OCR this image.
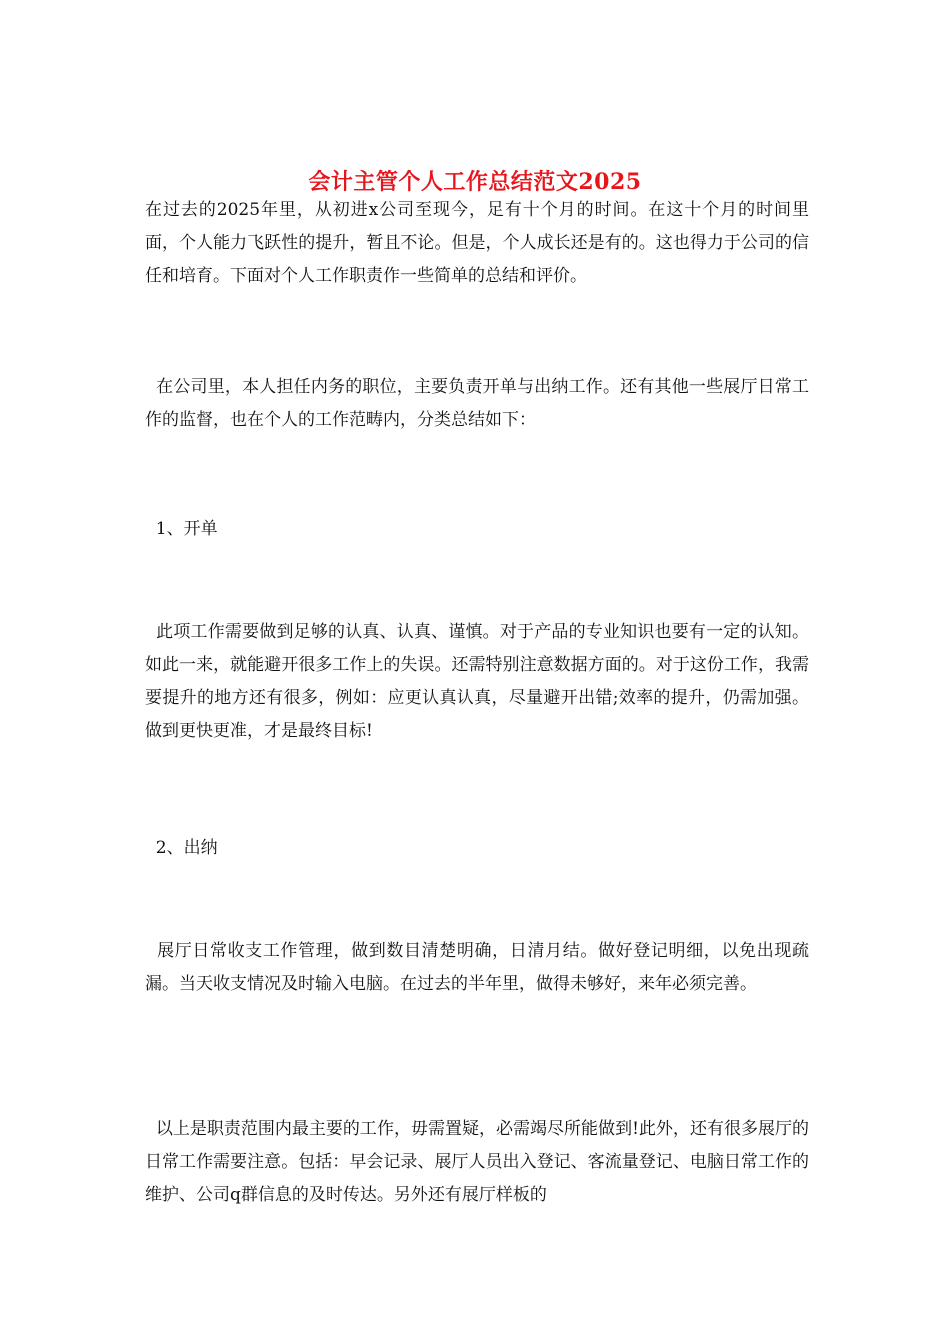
会计主管个人工作总结范文2025

在过去的2025年里，从初进x公司至现今，足有十个月的时间。在这十个月的时间里面，个人能力飞跃性的提升，暂且不论。但是，个人成长还是有的。这也得力于公司的信任和培育。下面对个人工作职责作一些简单的总结和评价。

在公司里，本人担任内务的职位，主要负责开单与出纳工作。还有其他一些展厅日常工作的监督，也在个人的工作范畴内，分类总结如下：

1、开单

此项工作需要做到足够的认真、认真、谨慎。对于产品的专业知识也要有一定的认知。如此一来，就能避开很多工作上的失误。还需特别注意数据方面的。对于这份工作，我需要提升的地方还有很多，例如：应更认真认真，尽量避开出错;效率的提升，仍需加强。做到更快更准，才是最终目标!

2、出纳

展厅日常收支工作管理，做到数目清楚明确，日清月结。做好登记明细，以免出现疏漏。当天收支情况及时输入电脑。在过去的半年里，做得未够好，来年必须完善。

以上是职责范围内最主要的工作，毋需置疑，必需竭尽所能做到!此外，还有很多展厅的日常工作需要注意。包括：早会记录、展厅人员出入登记、客流量登记、电脑日常工作的维护、公司q群信息的及时传达。另外还有展厅样板的
